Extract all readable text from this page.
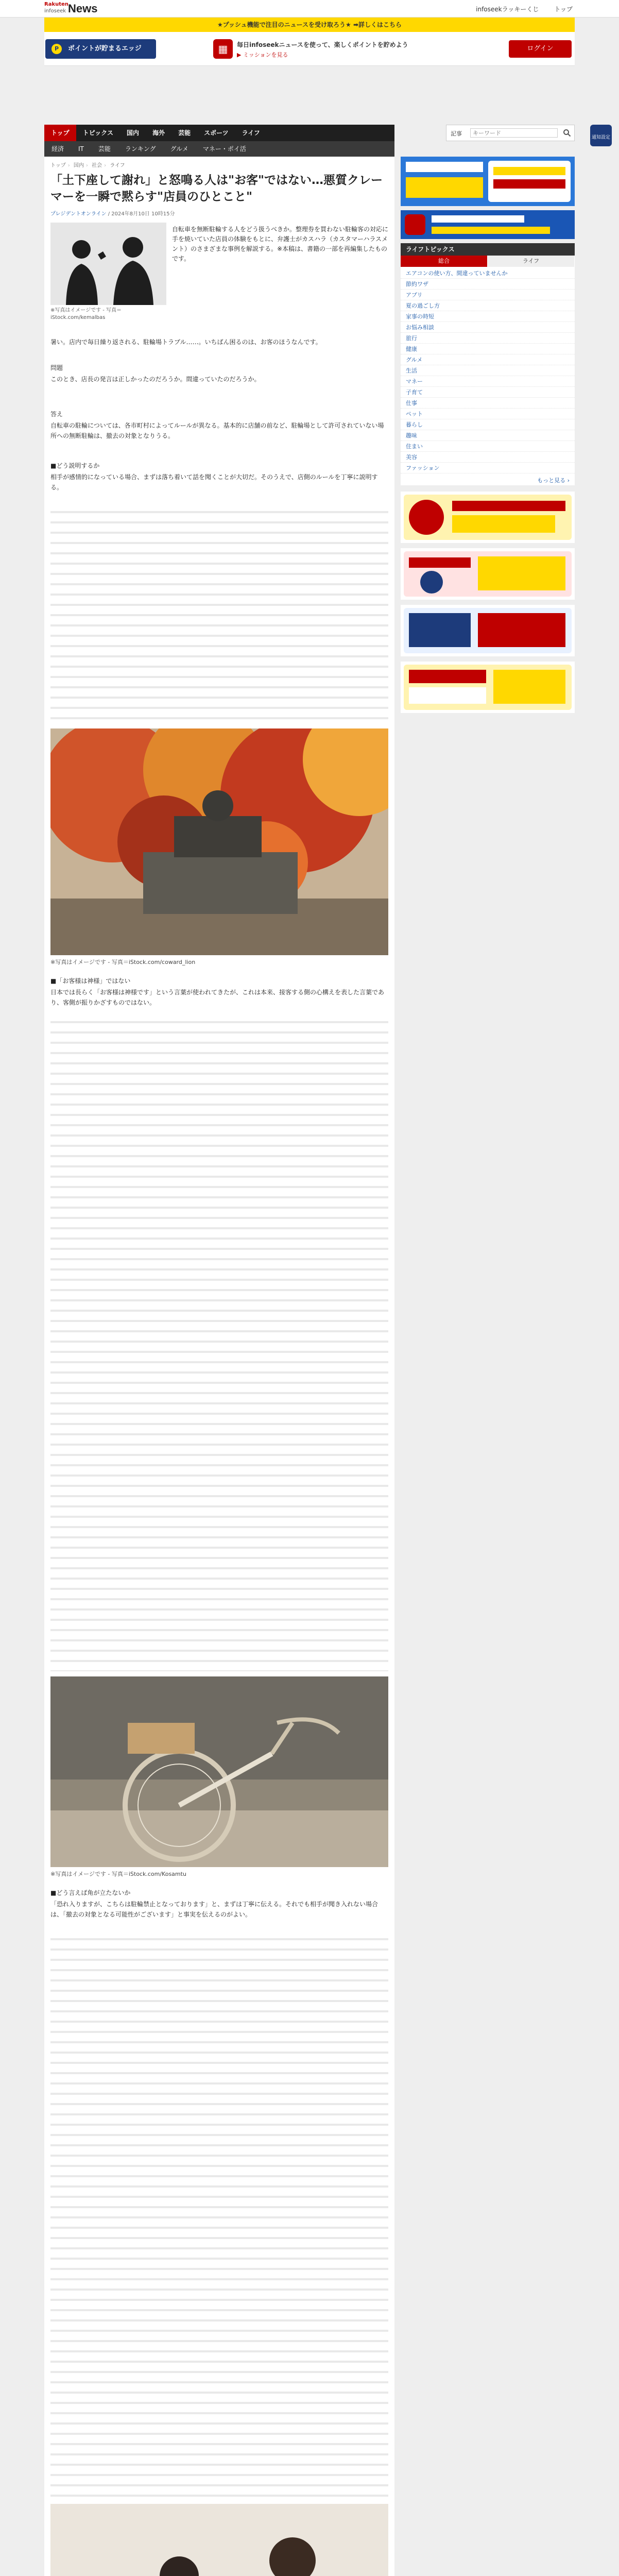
Rakuten
infoseek News	infoseekラッキーくじ	トップ
★プッシュ機能で注目のニュースを受け取ろう★ ➡詳しくはこちら
P	ポイントが貯まるエッジ	▦	毎日infoseekニュースを使って、楽しくポイントを貯めよう
▶ ミッションを見る
ログイン
トップ	トピックス	国内	海外	芸能	スポーツ	ライフ	記事
キーワード
経済	IT	芸能	ランキング	グルメ	マネー・ポイ活
トップ › 国内 › 社会 › ライフ
「土下座して謝れ」と怒鳴る人は"お客"ではない…悪質クレーマーを一瞬で黙らす"店員のひとこと"
プレジデントオンライン / 2024年8月10日 10時15分
※写真はイメージです - 写真＝iStock.com/kemalbas
自転車を無断駐輪する人をどう扱うべきか。整理券を買わない駐輪客の対応に手を焼いていた店員の体験をもとに、弁護士がカスハラ（カスタマーハラスメント）のさまざまな事例を解説する。※本稿は、書籍の一部を再編集したものです。
暑い。店内で毎日繰り返される、駐輪場トラブル……。いちばん困るのは、お客のほうなんです。
問題
このとき、店長の発言は正しかったのだろうか。間違っていたのだろうか。
答え
自転車の駐輪については、各市町村によってルールが異なる。基本的に店舗の前など、駐輪場として許可されていない場所への無断駐輪は、撤去の対象となりうる。
■どう説明するか
相手が感情的になっている場合、まずは落ち着いて話を聞くことが大切だ。そのうえで、店側のルールを丁寧に説明する。
※写真はイメージです - 写真＝iStock.com/coward_lion
■「お客様は神様」ではない
日本では長らく「お客様は神様です」という言葉が使われてきたが、これは本来、接客する側の心構えを表した言葉であり、客側が振りかざすものではない。
※写真はイメージです - 写真＝iStock.com/Kosamtu
■どう言えば角が立たないか
「恐れ入りますが、こちらは駐輪禁止となっております」と、まずは丁寧に伝える。それでも相手が聞き入れない場合は、「撤去の対象となる可能性がございます」と事実を伝えるのがよい。
ライフトピックス
総合	ライフ
エアコンの使い方、間違っていませんか
節約ワザ
アプリ
夏の過ごし方
家事の時短
お悩み相談
旅行
健康
グルメ
生活
マネー
子育て
仕事
ペット
暮らし
趣味
住まい
美容
ファッション
もっと見る ›
通知設定
